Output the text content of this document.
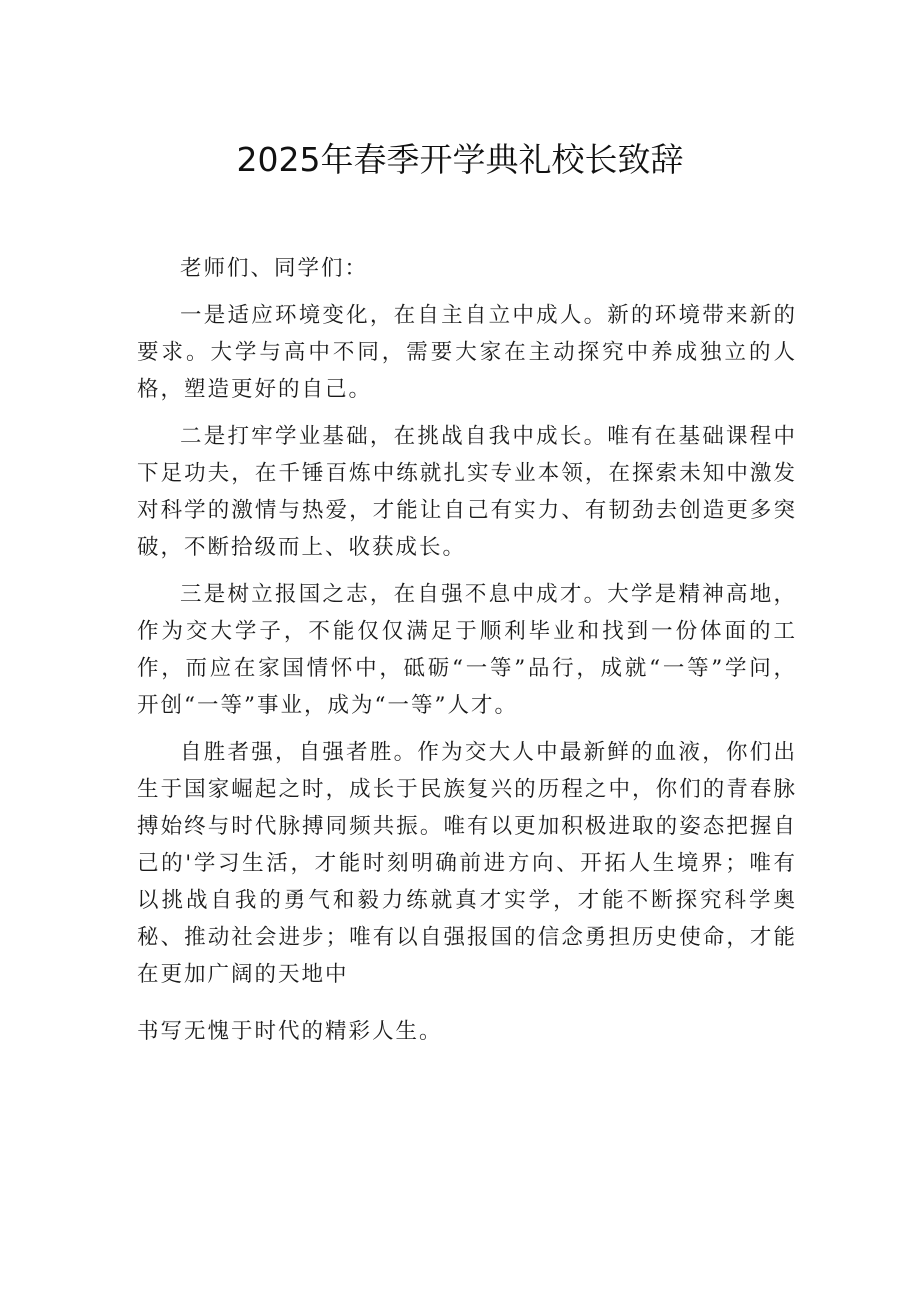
2025年春季开学典礼校长致辞

老师们、同学们：

一是适应环境变化，在自主自立中成人。新的环境带来新的要求。大学与高中不同，需要大家在主动探究中养成独立的人格，塑造更好的自己。

二是打牢学业基础，在挑战自我中成长。唯有在基础课程中下足功夫，在千锤百炼中练就扎实专业本领，在探索未知中激发对科学的激情与热爱，才能让自己有实力、有韧劲去创造更多突破，不断拾级而上、收获成长。

三是树立报国之志，在自强不息中成才。大学是精神高地，作为交大学子，不能仅仅满足于顺利毕业和找到一份体面的工作，而应在家国情怀中，砥砺“一等”品行，成就“一等”学问，开创“一等”事业，成为“一等”人才。

自胜者强，自强者胜。作为交大人中最新鲜的血液，你们出生于国家崛起之时，成长于民族复兴的历程之中，你们的青春脉搏始终与时代脉搏同频共振。唯有以更加积极进取的姿态把握自己的'学习生活，才能时刻明确前进方向、开拓人生境界；唯有以挑战自我的勇气和毅力练就真才实学，才能不断探究科学奥秘、推动社会进步；唯有以自强报国的信念勇担历史使命，才能在更加广阔的天地中

书写无愧于时代的精彩人生。
